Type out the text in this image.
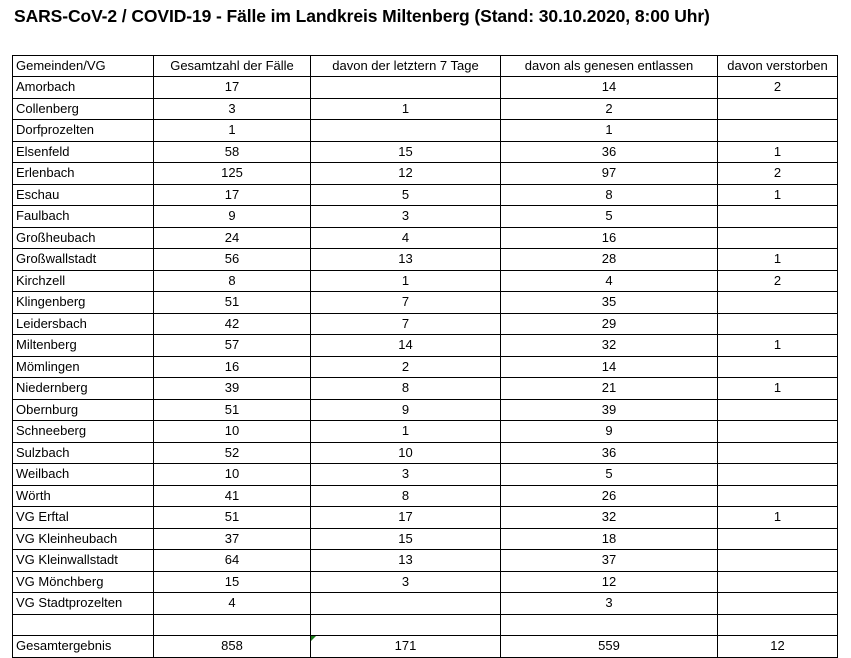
SARS-CoV-2 / COVID-19 - Fälle im Landkreis Miltenberg (Stand: 30.10.2020, 8:00 Uhr)
Gemeinden/VG	Gesamtzahl der Fälle	davon der letztern 7 Tage	davon als genesen entlassen	davon verstorben
Amorbach	17		14	2
Collenberg	3	1	2	
Dorfprozelten	1		1	
Elsenfeld	58	15	36	1
Erlenbach	125	12	97	2
Eschau	17	5	8	1
Faulbach	9	3	5	
Großheubach	24	4	16	
Großwallstadt	56	13	28	1
Kirchzell	8	1	4	2
Klingenberg	51	7	35	
Leidersbach	42	7	29	
Miltenberg	57	14	32	1
Mömlingen	16	2	14	
Niedernberg	39	8	21	1
Obernburg	51	9	39	
Schneeberg	10	1	9	
Sulzbach	52	10	36	
Weilbach	10	3	5	
Wörth	41	8	26	
VG Erftal	51	17	32	1
VG Kleinheubach	37	15	18	
VG Kleinwallstadt	64	13	37	
VG Mönchberg	15	3	12	
VG Stadtprozelten	4		3	

Gesamtergebnis	858	171	559	12
